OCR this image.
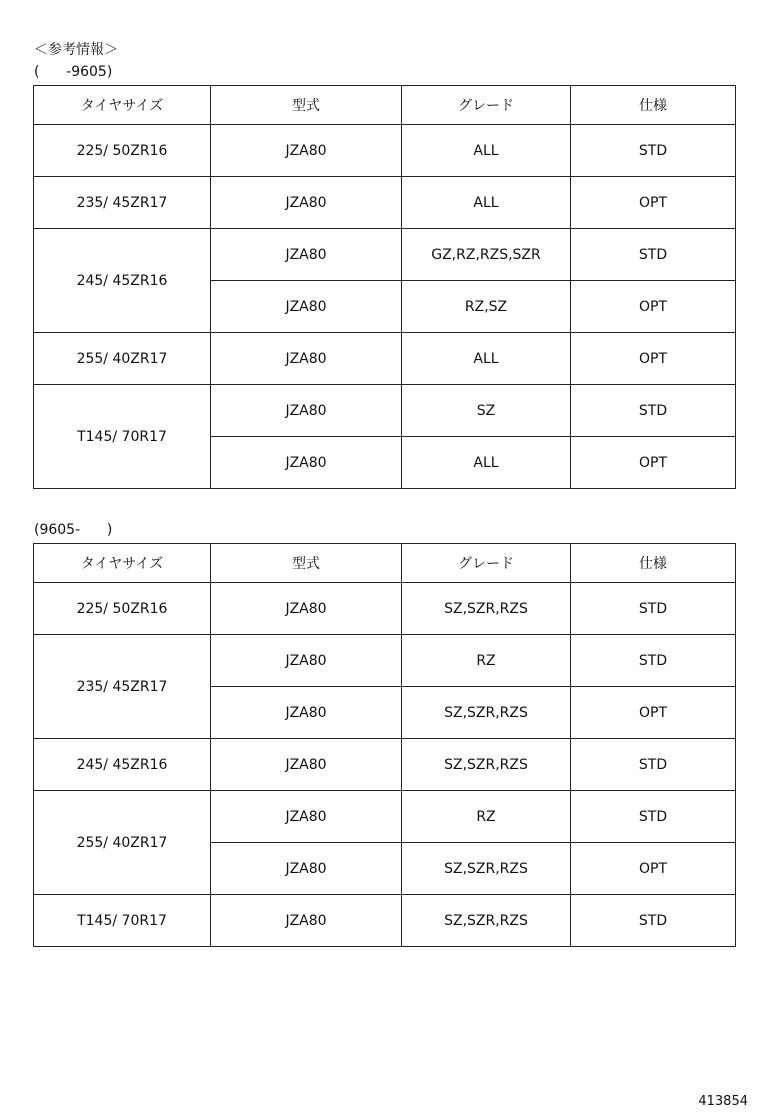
＜参考情報＞
(      -9605)
タイヤサイズ	型式	グレード	仕様
225/ 50ZR16	JZA80	ALL	STD
235/ 45ZR17	JZA80	ALL	OPT
245/ 45ZR16	JZA80	GZ,RZ,RZS,SZR	STD
	JZA80	RZ,SZ	OPT
255/ 40ZR17	JZA80	ALL	OPT
T145/ 70R17	JZA80	SZ	STD
	JZA80	ALL	OPT
(9605-      )
タイヤサイズ	型式	グレード	仕様
225/ 50ZR16	JZA80	SZ,SZR,RZS	STD
235/ 45ZR17	JZA80	RZ	STD
	JZA80	SZ,SZR,RZS	OPT
245/ 45ZR16	JZA80	SZ,SZR,RZS	STD
255/ 40ZR17	JZA80	RZ	STD
	JZA80	SZ,SZR,RZS	OPT
T145/ 70R17	JZA80	SZ,SZR,RZS	STD
413854
